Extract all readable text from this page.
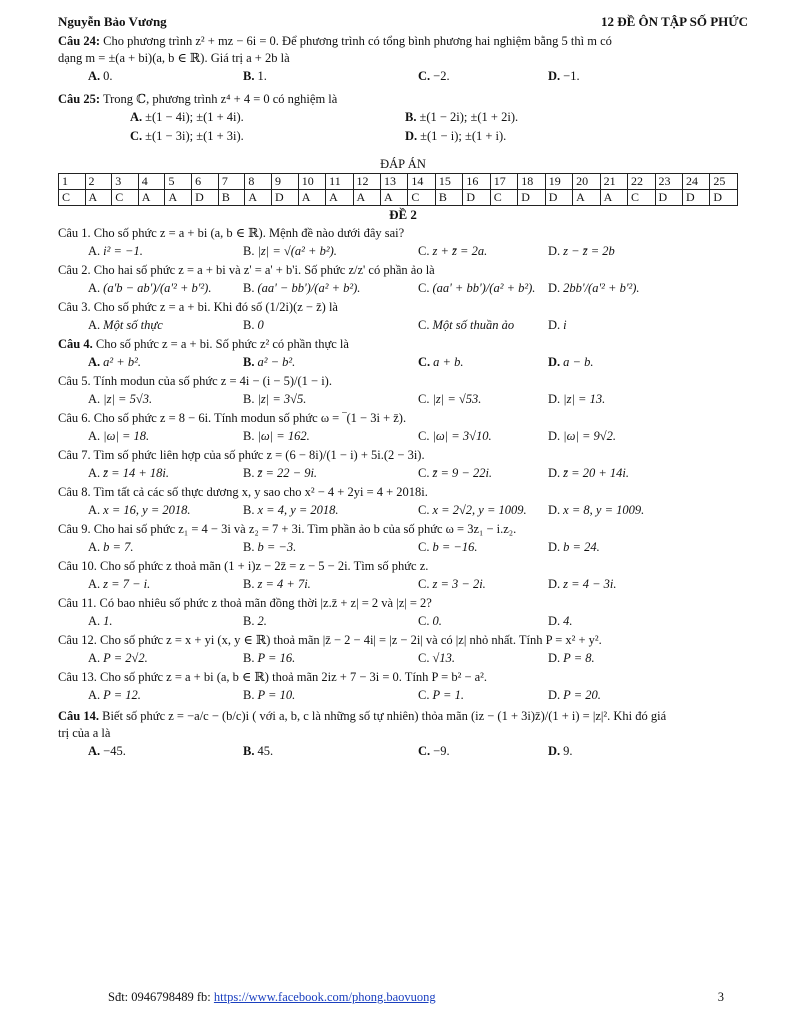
Nguyễn Bảo Vương	12 ĐỀ ÔN TẬP SỐ PHỨC
Câu 24: Cho phương trình z² + mz − 6i = 0. Để phương trình có tổng bình phương hai nghiệm bằng 5 thì m có
dạng m = ±(a + bi)(a, b ∈ ℝ). Giá trị a + 2b là
A. 0.	B. 1.	C. −2.	D. −1.
Câu 25: Trong ℂ, phương trình z⁴ + 4 = 0 có nghiệm là
A. ±(1 − 4i); ±(1 + 4i).	B. ±(1 − 2i); ±(1 + 2i).
C. ±(1 − 3i); ±(1 + 3i).	D. ±(1 − i); ±(1 + i).
ĐÁP ÁN
1	2	3	4	5	6	7	8	9	10	11	12	13	14	15	16	17	18	19	20	21	22	23	24	25
C	A	C	A	A	D	B	A	D	A	A	A	A	C	B	D	C	D	D	A	A	C	D	D	D
ĐỀ 2
Câu 1. Cho số phức z = a + bi (a, b ∈ ℝ). Mệnh đề nào dưới đây sai?
A. i² = −1.	B. |z| = √(a² + b²).	C. z + z̄ = 2a.	D. z − z̄ = 2b
Câu 2. Cho hai số phức z = a + bi và z' = a' + b'i. Số phức z/z' có phần ảo là
A. (a'b − ab')/(a'² + b'²).	B. (aa' − bb')/(a² + b²).	C. (aa' + bb')/(a² + b²). D. 2bb'/(a'² + b'²).
Câu 3. Cho số phức z = a + bi. Khi đó số (1/2i)(z − z̄) là
A. Một số thực	B. 0	C. Một số thuần ảo	D. i
Câu 4. Cho số phức z = a + bi. Số phức z² có phần thực là
A. a² + b².	B. a² − b².	C. a + b.	D. a − b.
Câu 5. Tính modun của số phức z = 4i − (i − 5)/(1 − i).
A. |z| = 5√3.	B. |z| = 3√5.	C. |z| = √53.	D. |z| = 13.
Câu 6. Cho số phức z = 8 − 6i. Tính modun số phức ω = ‾(1 − 3i + z̄).
A. |ω| = 18.	B. |ω| = 162.	C. |ω| = 3√10.	D. |ω| = 9√2.
Câu 7. Tìm số phức liên hợp của số phức z = (6 − 8i)/(1 − i) + 5i.(2 − 3i).
A. z̄ = 14 + 18i.	B. z̄ = 22 − 9i.	C. z̄ = 9 − 22i.	D. z̄ = 20 + 14i.
Câu 8. Tìm tất cả các số thực dương x, y sao cho x² − 4 + 2yi = 4 + 2018i.
A. x = 16, y = 2018.	B. x = 4, y = 2018.	C. x = 2√2, y = 1009. D. x = 8, y = 1009.
Câu 9. Cho hai số phức z₁ = 4 − 3i và z₂ = 7 + 3i. Tìm phần ảo b của số phức ω = 3z₁ − i.z₂.
A. b = 7.	B. b = −3.	C. b = −16.	D. b = 24.
Câu 10. Cho số phức z thoả mãn (1 + i)z − 2z̄ = z − 5 − 2i. Tìm số phức z.
A. z = 7 − i.	B. z = 4 + 7i.	C. z = 3 − 2i.	D. z = 4 − 3i.
Câu 11. Có bao nhiêu số phức z thoả mãn đồng thời |z.z̄ + z| = 2 và |z| = 2?
A. 1.	B. 2.	C. 0.	D. 4.
Câu 12. Cho số phức z = x + yi (x, y ∈ ℝ) thoả mãn |z̄ − 2 − 4i| = |z − 2i| và có |z| nhỏ nhất. Tính P = x² + y².
A. P = 2√2.	B. P = 16.	C. √13.	D. P = 8.
Câu 13. Cho số phức z = a + bi (a, b ∈ ℝ) thoả mãn 2iz + 7 − 3i = 0. Tính P = b² − a².
A. P = 12.	B. P = 10.	C. P = 1.	D. P = 20.
Câu 14. Biết số phức z = −a/c − (b/c)i ( với a, b, c là những số tự nhiên) thỏa mãn (iz − (1 + 3i)z̄)/(1 + i) = |z|². Khi đó giá
trị của a là
A. −45.	B. 45.	C. −9.	D. 9.
Sđt: 0946798489 fb: https://www.facebook.com/phong.baovuong	3
